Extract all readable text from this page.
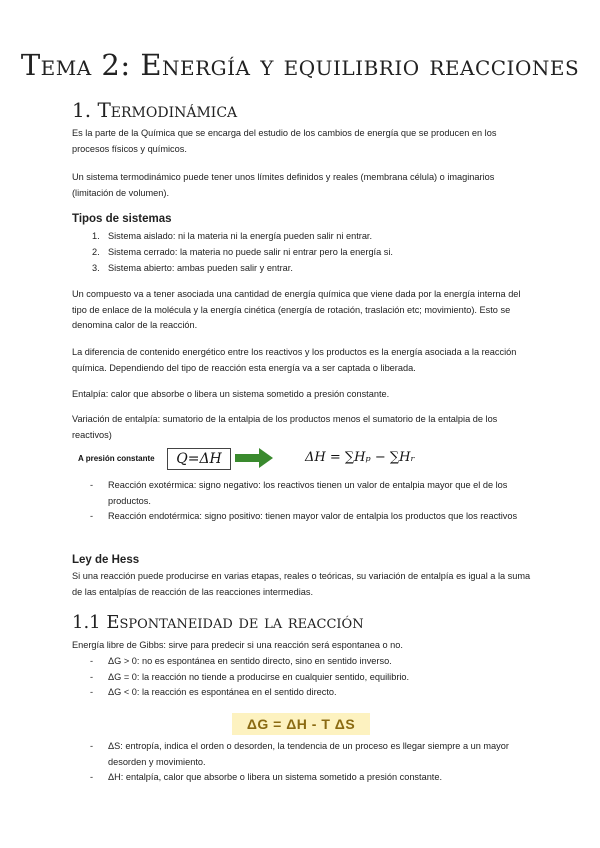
Tema 2: Energía y equilibrio reacciones
1. Termodinámica
Es la parte de la Química que se encarga del estudio de los cambios de energía que se producen en los procesos físicos y químicos.
Un sistema termodinámico puede tener unos límites definidos y reales (membrana célula) o imaginarios (limitación de volumen).
Tipos de sistemas
1. Sistema aislado: ni la materia ni la energía pueden salir ni entrar.
2. Sistema cerrado: la materia no puede salir ni entrar pero la energía si.
3. Sistema abierto: ambas pueden salir y entrar.
Un compuesto va a tener asociada una cantidad de energía química que viene dada por la energía interna del tipo de enlace de la molécula y la energía cinética (energía de rotación, traslación etc; movimiento). Esto se denomina calor de la reacción.
La diferencia de contenido energético entre los reactivos y los productos es la energía asociada a la reacción química. Dependiendo del tipo de reacción esta energía va a ser captada o liberada.
Entalpía: calor que absorbe o libera un sistema sometido a presión constante.
Variación de entalpía: sumatorio de la entalpia de los productos menos el sumatorio de la entalpia de los reactivos)
A presión constante	Q=ΔH	ΔH = ∑Hₚ − ∑Hᵣ
- Reacción exotérmica: signo negativo: los reactivos tienen un valor de entalpia mayor que el de los productos.
- Reacción endotérmica: signo positivo: tienen mayor valor de entalpia los productos que los reactivos
Ley de Hess
Si una reacción puede producirse en varias etapas, reales o teóricas, su variación de entalpía es igual a la suma de las entalpías de reacción de las reacciones intermedias.
1.1 Espontaneidad de la reacción
Energía libre de Gibbs: sirve para predecir si una reacción será espontanea o no.
- ΔG > 0: no es espontánea en sentido directo, sino en sentido inverso.
- ΔG = 0: la reacción no tiende a producirse en cualquier sentido, equilibrio.
- ΔG < 0: la reacción es espontánea en el sentido directo.
ΔG = ΔH - T ΔS
- ΔS: entropía, indica el orden o desorden, la tendencia de un proceso es llegar siempre a un mayor desorden y movimiento.
- ΔH: entalpía, calor que absorbe o libera un sistema sometido a presión constante.
